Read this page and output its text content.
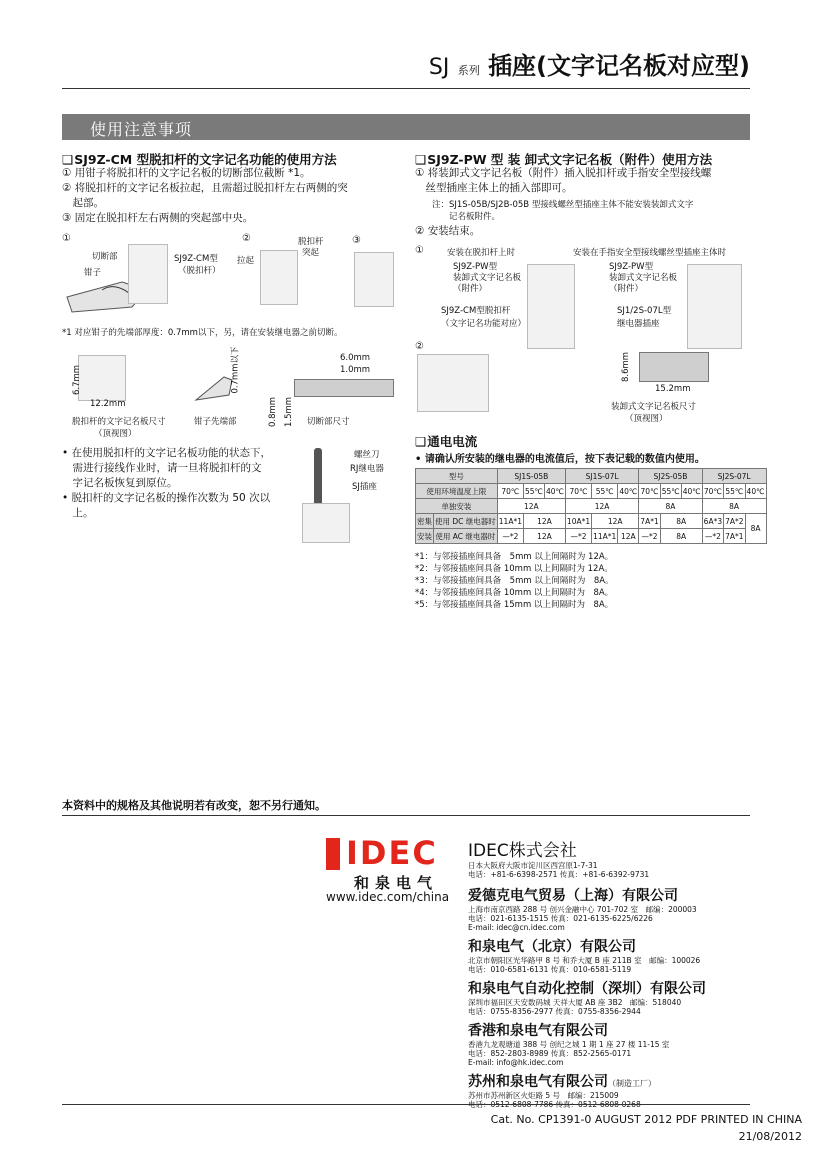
SJ 系列 插座(文字记名板对应型)
使用注意事项
❑ SJ9Z-CM 型脱扣杆的文字记名功能的使用方法
① 用钳子将脱扣杆的文字记名板的切断部位截断 *1。
② 将脱扣杆的文字记名板拉起，且需超过脱扣杆左右两侧的突
　起部。
③ 固定在脱扣杆左右两侧的突起部中央。
①	②	③
切断部
钳子
SJ9Z-CM型
（脱扣杆）
拉起
脱扣杆
突起
*1 对应钳子的先端部厚度：0.7mm以下，另，请在安装继电器之前切断。
6.7mm
12.2mm
脱扣杆的文字记名板尺寸
（顶视图）
0.7mm以下
钳子先端部
6.0mm
1.0mm
0.8mm 1.5mm 切断部尺寸
• 在使用脱扣杆的文字记名板功能的状态下，
　需进行接线作业时，请一旦将脱扣杆的文
　字记名板恢复到原位。
• 脱扣杆的文字记名板的操作次数为 50 次以
　上。
螺丝刀
RJ继电器
SJ插座
❑ SJ9Z-PW 型 装 卸式文字记名板（附件）使用方法
① 将装卸式文字记名板（附件）插入脱扣杆或手指安全型接线螺
　丝型插座主体上的插入部即可。
注：SJ1S-05B/SJ2B-05B 型接线螺丝型插座主体不能安装装卸式文字
　　记名板附件。
② 安装结束。
①
②
安装在脱扣杆上时	安装在手指安全型接线螺丝型插座主体时
SJ9Z-PW型
装卸式文字记名板
（附件）
SJ9Z-PW型
装卸式文字记名板
（附件）
SJ9Z-CM型脱扣杆
（文字记名功能对应）
SJ1/2S-07L型
继电器插座
8.6mm
15.2mm
装卸式文字记名板尺寸
（顶视图）
❑ 通电电流
• 请确认所安装的继电器的电流值后，按下表记载的数值内使用。
型号		SJ1S-05B			SJ1S-07L			SJ2S-05B			SJ2S-07L		
使用环境温度上限		70℃	55℃	40℃	70℃	55℃	40℃	70℃	55℃	40℃	70℃	55℃	40℃
单独安装		12A			12A			8A			8A		
密集	使用 DC 继电器时	11A*1	12A		10A*1	12A		7A*1	8A		6A*3	7A*2	8A
安装	使用 AC 继电器时	—*2	12A		—*2	11A*1	12A	—*2	8A		—*2	7A*1	
*1：与邻接插座间具备　5mm 以上间隔时为 12A。
*2：与邻接插座间具备 10mm 以上间隔时为 12A。
*3：与邻接插座间具备　5mm 以上间隔时为　8A。
*4：与邻接插座间具备 10mm 以上间隔时为　8A。
*5：与邻接插座间具备 15mm 以上间隔时为　8A。
本资料中的规格及其他说明若有改变，恕不另行通知。
IDEC
和泉电气
www.idec.com/china
IDEC株式会社
日本大阪府大阪市淀川区西宫原1-7-31
电话：+81-6-6398-2571 传真：+81-6-6392-9731
爱德克电气贸易（上海）有限公司
上海市南京西路 288 号 创兴金融中心 701-702 室　邮编：200003
电话：021-6135-1515 传真：021-6135-6225/6226
E-mail: idec@cn.idec.com
和泉电气（北京）有限公司
北京市朝阳区光华路甲 8 号 和乔大厦 B 座 211B 室　邮编：100026
电话：010-6581-6131 传真：010-6581-5119
和泉电气自动化控制（深圳）有限公司
深圳市福田区天安数码城 天祥大厦 AB 座 3B2　邮编：518040
电话：0755-8356-2977 传真：0755-8356-2944
香港和泉电气有限公司
香港九龙观塘道 388 号 创纪之城 1 期 1 座 27 楼 11-15 室
电话：852-2803-8989 传真：852-2565-0171
E-mail: info@hk.idec.com
苏州和泉电气有限公司（制造工厂）
苏州市苏州新区火炬路 5 号　邮编：215009
Cat. No. CP1391-0 AUGUST 2012 PDF PRINTED IN CHINA
21/08/2012
